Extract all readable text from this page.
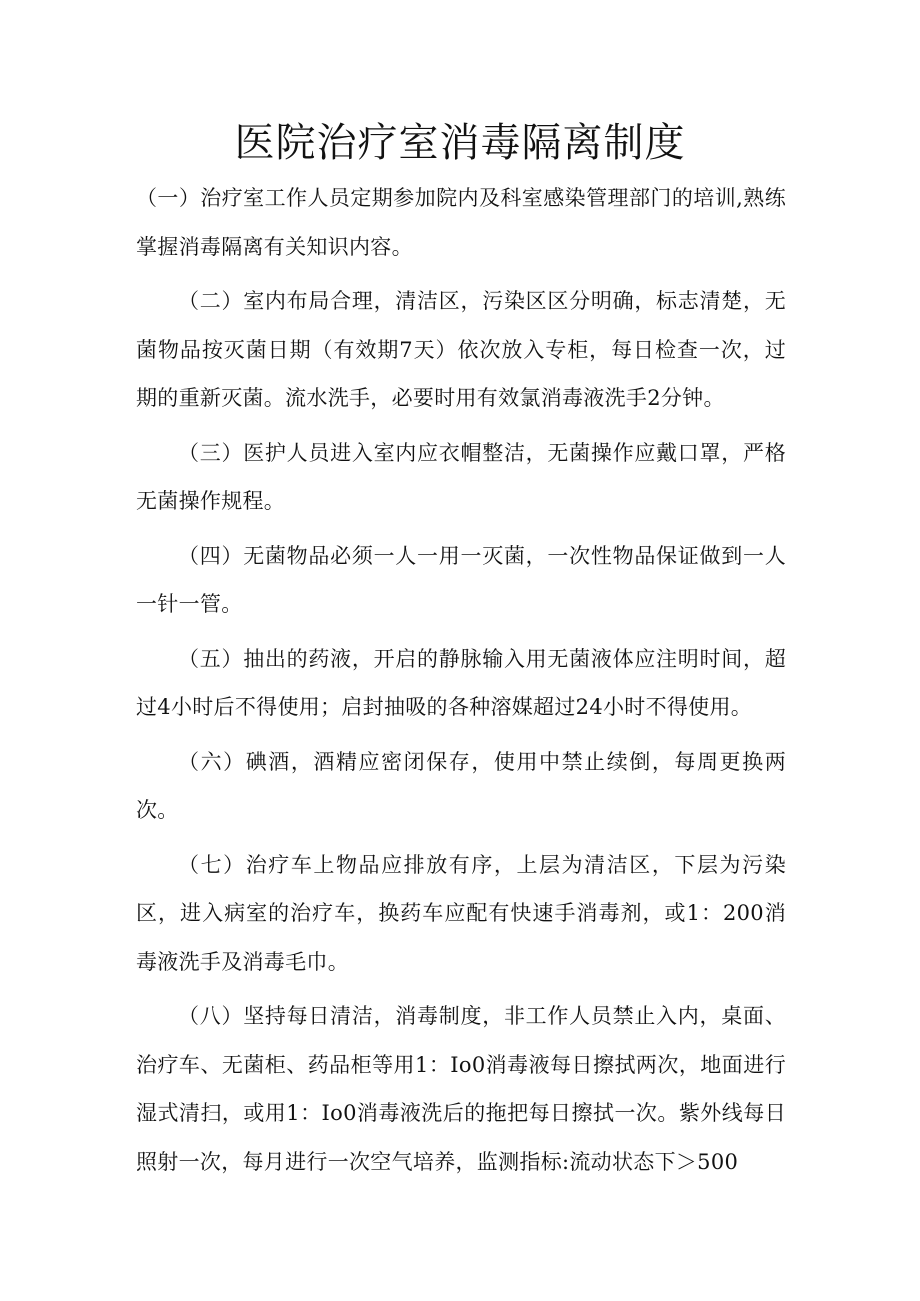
医院治疗室消毒隔离制度

（一）治疗室工作人员定期参加院内及科室感染管理部门的培训,熟练掌握消毒隔离有关知识内容。

（二）室内布局合理，清洁区，污染区区分明确，标志清楚，无菌物品按灭菌日期（有效期7天）依次放入专柜，每日检查一次，过期的重新灭菌。流水洗手，必要时用有效氯消毒液洗手2分钟。

（三）医护人员进入室内应衣帽整洁，无菌操作应戴口罩，严格无菌操作规程。

（四）无菌物品必须一人一用一灭菌，一次性物品保证做到一人一针一管。

（五）抽出的药液，开启的静脉输入用无菌液体应注明时间，超过4小时后不得使用；启封抽吸的各种溶媒超过24小时不得使用。

（六）碘酒，酒精应密闭保存，使用中禁止续倒，每周更换两次。

（七）治疗车上物品应排放有序，上层为清洁区，下层为污染区，进入病室的治疗车，换药车应配有快速手消毒剂，或1：200消毒液洗手及消毒毛巾。

（八）坚持每日清洁，消毒制度，非工作人员禁止入内，桌面、治疗车、无菌柜、药品柜等用1：Io0消毒液每日擦拭两次，地面进行湿式清扫，或用1：Io0消毒液洗后的拖把每日擦拭一次。紫外线每日照射一次，每月进行一次空气培养，监测指标:流动状态下＞500
